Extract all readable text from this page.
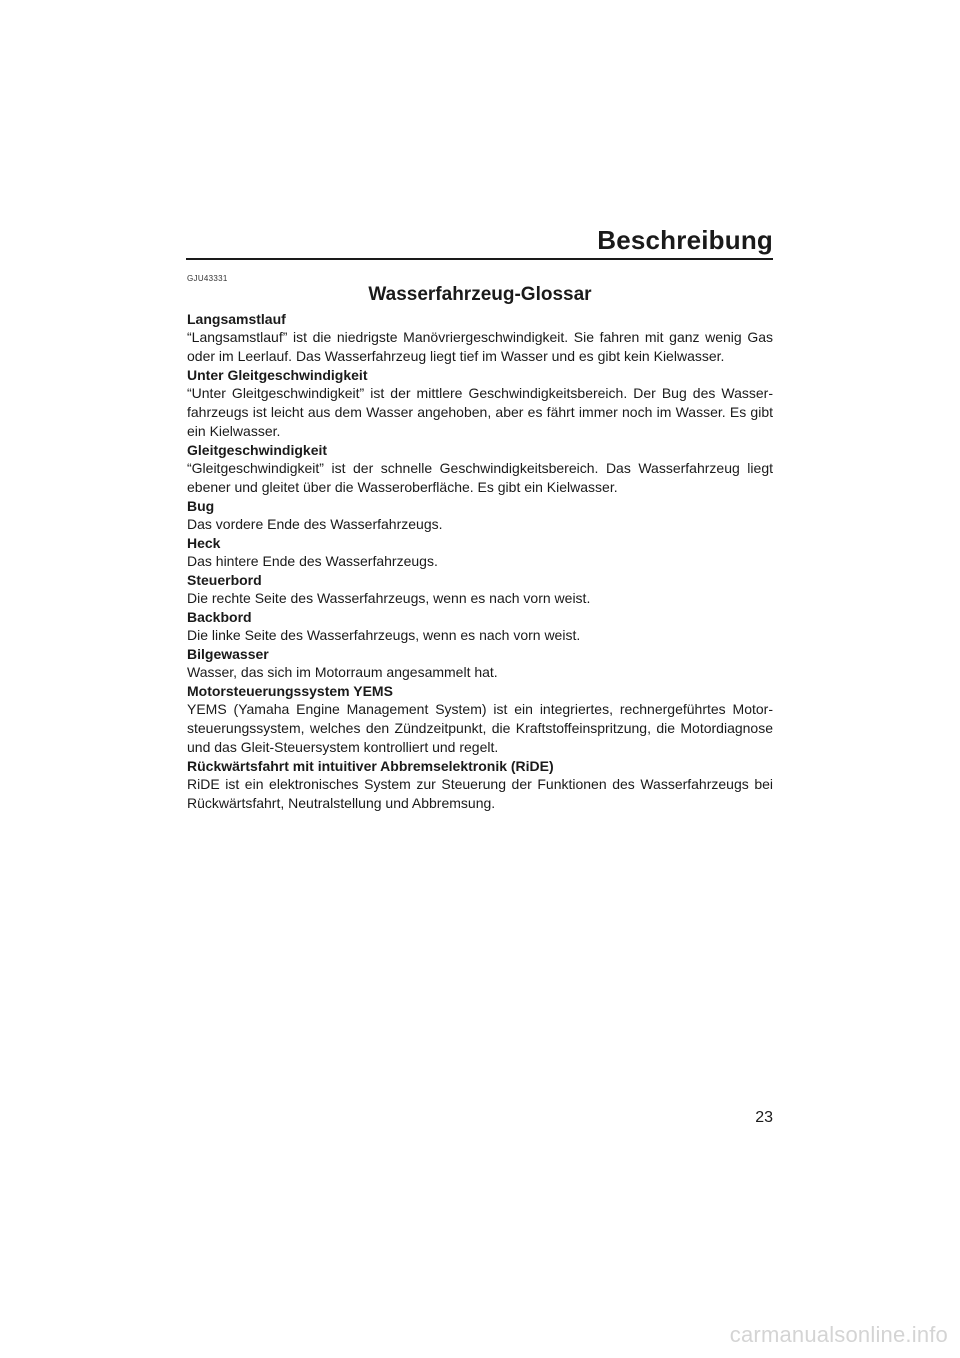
Beschreibung
GJU43331
Wasserfahrzeug-Glossar
Langsamstlauf
“Langsamstlauf” ist die niedrigste Manövriergeschwindigkeit. Sie fahren mit ganz wenig Gas oder im Leerlauf. Das Wasserfahrzeug liegt tief im Wasser und es gibt kein Kielwasser.
Unter Gleitgeschwindigkeit
“Unter Gleitgeschwindigkeit” ist der mittlere Geschwindigkeitsbereich. Der Bug des Wasserfahrzeugs ist leicht aus dem Wasser angehoben, aber es fährt immer noch im Wasser. Es gibt ein Kielwasser.
Gleitgeschwindigkeit
“Gleitgeschwindigkeit” ist der schnelle Geschwindigkeitsbereich. Das Wasserfahrzeug liegt ebener und gleitet über die Wasseroberfläche. Es gibt ein Kielwasser.
Bug
Das vordere Ende des Wasserfahrzeugs.
Heck
Das hintere Ende des Wasserfahrzeugs.
Steuerbord
Die rechte Seite des Wasserfahrzeugs, wenn es nach vorn weist.
Backbord
Die linke Seite des Wasserfahrzeugs, wenn es nach vorn weist.
Bilgewasser
Wasser, das sich im Motorraum angesammelt hat.
Motorsteuerungssystem YEMS
YEMS (Yamaha Engine Management System) ist ein integriertes, rechnergeführtes Motorsteuerungssystem, welches den Zündzeitpunkt, die Kraftstoffeinspritzung, die Motordiagnose und das Gleit-Steuersystem kontrolliert und regelt.
Rückwärtsfahrt mit intuitiver Abbremselektronik (RiDE)
RiDE ist ein elektronisches System zur Steuerung der Funktionen des Wasserfahrzeugs bei Rückwärtsfahrt, Neutralstellung und Abbremsung.
23
carmanualsonline.info
